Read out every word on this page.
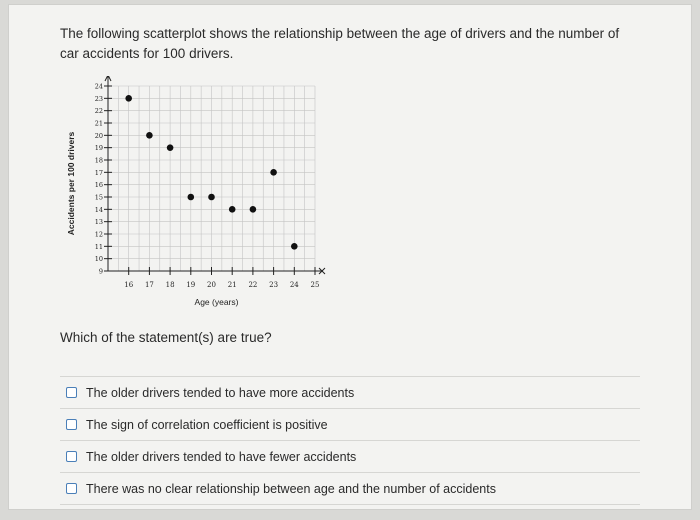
The following scatterplot shows the relationship between the age of drivers and the number of car accidents for 100 drivers.
9
10
11
12
13
14
15
16
17
18
19
20
21
22
23
24
16 17 18 19 20 21 22 23 24 25
Accidents per 100 drivers
Age (years)
Which of the statement(s) are true?
The older drivers tended to have more accidents
The sign of correlation coefficient is positive
The older drivers tended to have fewer accidents
There was no clear relationship between age and the number of accidents
